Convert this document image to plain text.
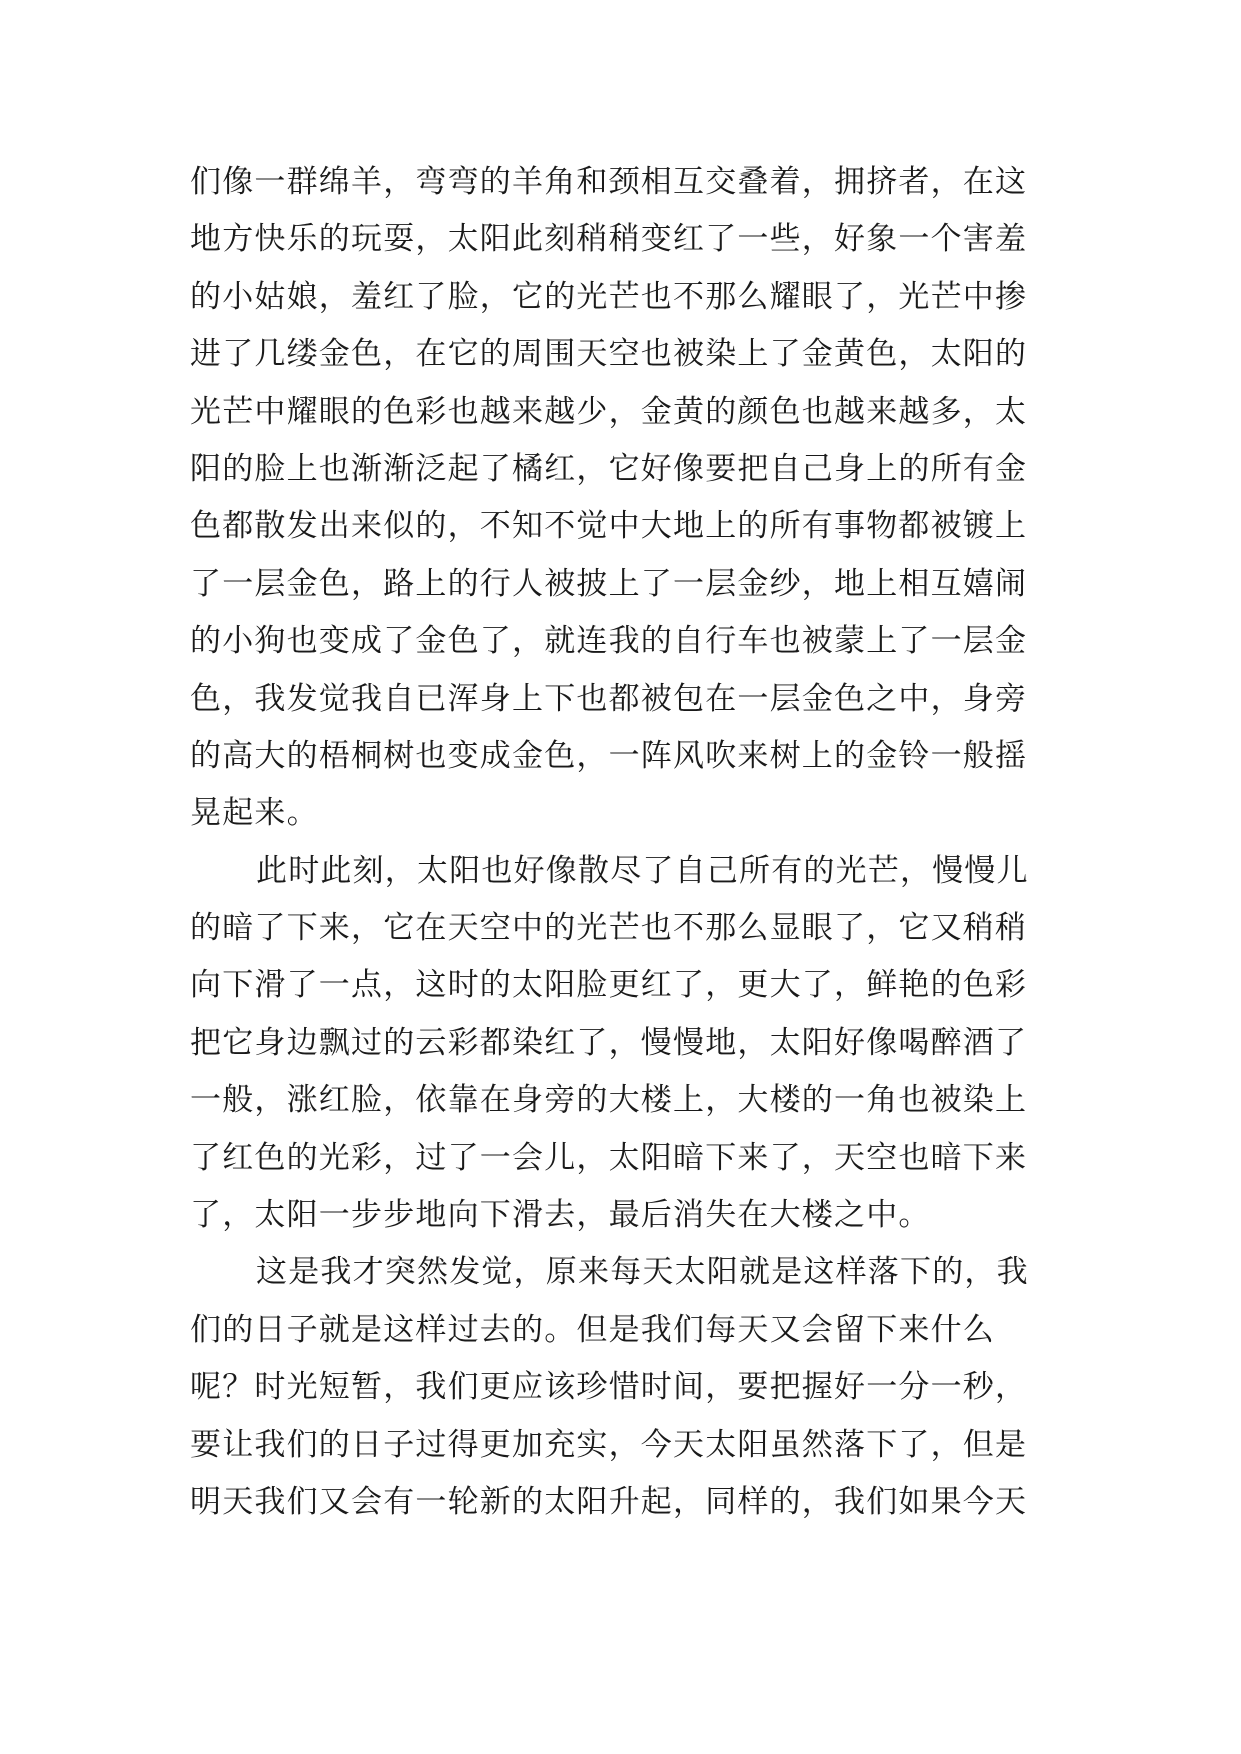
们像一群绵羊，弯弯的羊角和颈相互交叠着，拥挤者，在这
地方快乐的玩耍，太阳此刻稍稍变红了一些，好象一个害羞
的小姑娘，羞红了脸，它的光芒也不那么耀眼了，光芒中掺
进了几缕金色，在它的周围天空也被染上了金黄色，太阳的
光芒中耀眼的色彩也越来越少，金黄的颜色也越来越多，太
阳的脸上也渐渐泛起了橘红，它好像要把自己身上的所有金
色都散发出来似的，不知不觉中大地上的所有事物都被镀上
了一层金色，路上的行人被披上了一层金纱，地上相互嬉闹
的小狗也变成了金色了，就连我的自行车也被蒙上了一层金
色，我发觉我自已浑身上下也都被包在一层金色之中，身旁
的高大的梧桐树也变成金色，一阵风吹来树上的金铃一般摇
晃起来。
此时此刻，太阳也好像散尽了自己所有的光芒，慢慢儿
的暗了下来，它在天空中的光芒也不那么显眼了，它又稍稍
向下滑了一点，这时的太阳脸更红了，更大了，鲜艳的色彩
把它身边飘过的云彩都染红了，慢慢地，太阳好像喝醉酒了
一般，涨红脸，依靠在身旁的大楼上，大楼的一角也被染上
了红色的光彩，过了一会儿，太阳暗下来了，天空也暗下来
了，太阳一步步地向下滑去，最后消失在大楼之中。
这是我才突然发觉，原来每天太阳就是这样落下的，我
们的日子就是这样过去的。但是我们每天又会留下来什么
呢？时光短暂，我们更应该珍惜时间，要把握好一分一秒，
要让我们的日子过得更加充实，今天太阳虽然落下了，但是
明天我们又会有一轮新的太阳升起，同样的，我们如果今天
